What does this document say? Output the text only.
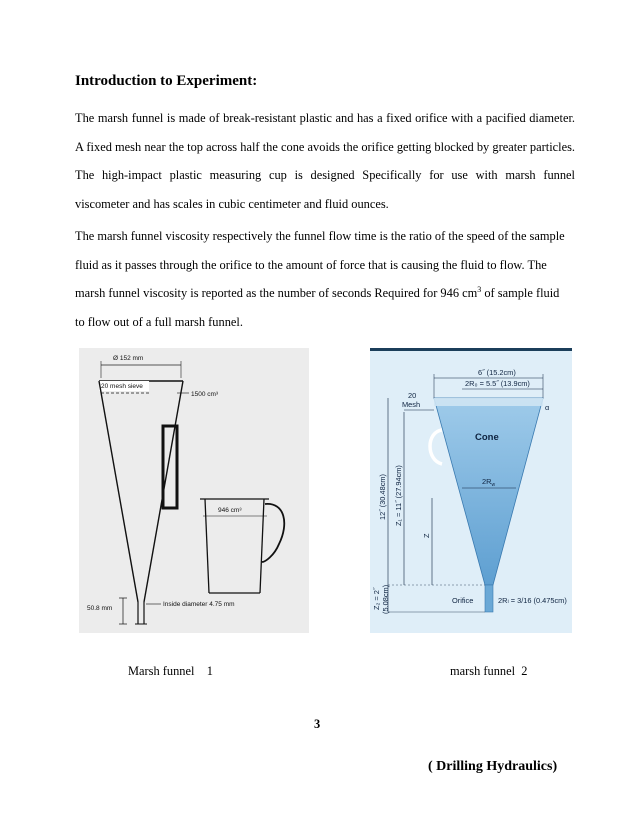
Introduction to Experiment:

The marsh funnel is made of break-resistant plastic and has a fixed orifice with a pacified diameter. A fixed mesh near the top across half the cone avoids the orifice getting blocked by greater particles. The high-impact plastic measuring cup is designed Specifically for use with marsh funnel viscometer and has scales in cubic centimeter and fluid ounces.

The marsh funnel viscosity respectively the funnel flow time is the ratio of the speed of the sample fluid as it passes through the orifice to the amount of force that is causing the fluid to flow. The marsh funnel viscosity is reported as the number of seconds Required for 946 $cm^3$ of sample fluid to flow out of a full marsh funnel.

Ø 152 mm
20 mesh sieve
1500 cm³
50.8 mm
Inside diameter 4.75 mm
946 cm³
6˝ (15.2cm)
2R₀ = 5.5˝ (13.9cm)
20
Mesh	α
Cone
$2R_w$
12˝ (30.48cm) Z₁ = 11˝ (27.94cm)
Z
Z₂ = 2˝ (5.08cm)	Orifice	2Rₗ = 3/16 (0.475cm)
Marsh funnel    1	marsh funnel  2
3
( Drilling Hydraulics)
